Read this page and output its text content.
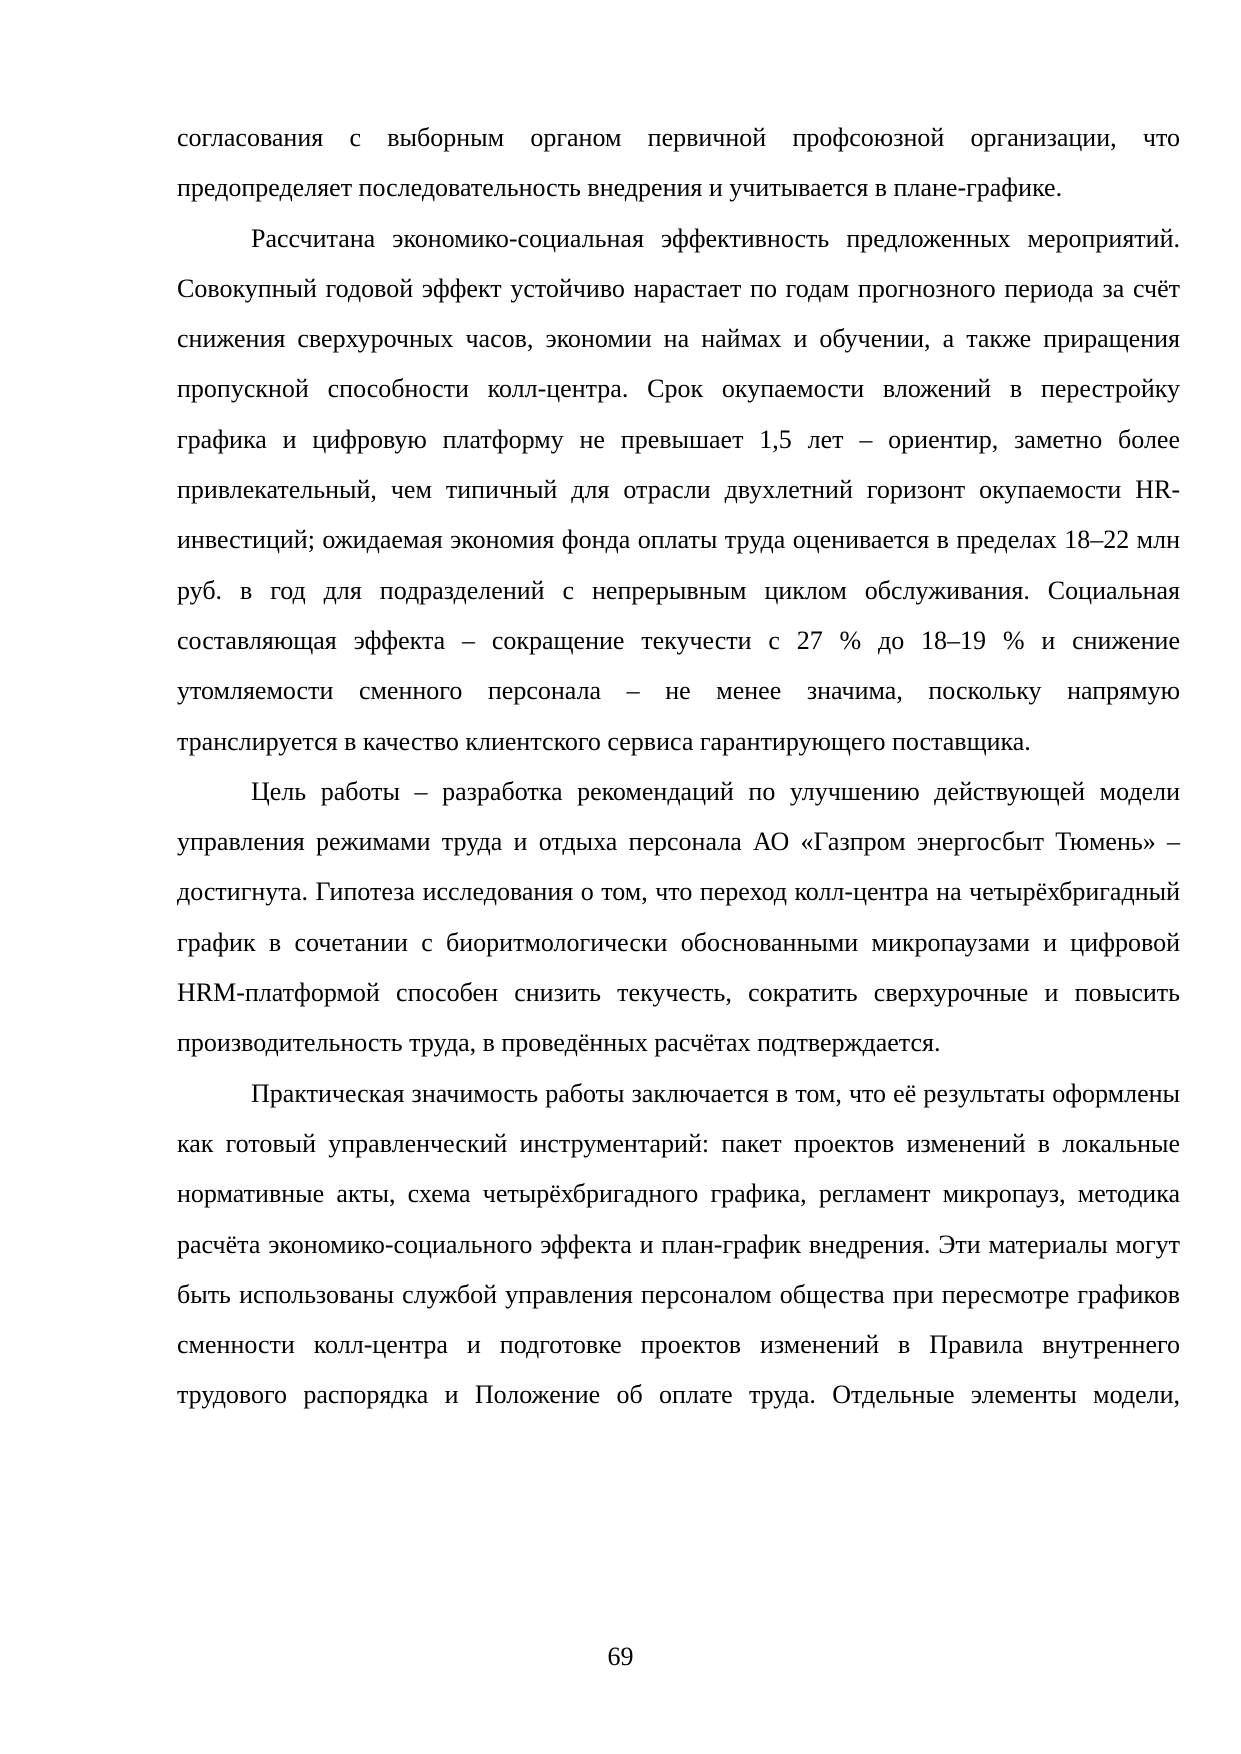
согласования с выборным органом первичной профсоюзной организации, что предопределяет последовательность внедрения и учитывается в плане-графике.

Рассчитана экономико-социальная эффективность предложенных мероприятий. Совокупный годовой эффект устойчиво нарастает по годам прогнозного периода за счёт снижения сверхурочных часов, экономии на наймах и обучении, а также приращения пропускной способности колл-центра. Срок окупаемости вложений в перестройку графика и цифровую платформу не превышает 1,5 лет – ориентир, заметно более привлекательный, чем типичный для отрасли двухлетний горизонт окупаемости HR-инвестиций; ожидаемая экономия фонда оплаты труда оценивается в пределах 18–22 млн руб. в год для подразделений с непрерывным циклом обслуживания. Социальная составляющая эффекта – сокращение текучести с 27 % до 18–19 % и снижение утомляемости сменного персонала – не менее значима, поскольку напрямую транслируется в качество клиентского сервиса гарантирующего поставщика.

Цель работы – разработка рекомендаций по улучшению действующей модели управления режимами труда и отдыха персонала АО «Газпром энергосбыт Тюмень» – достигнута. Гипотеза исследования о том, что переход колл-центра на четырёхбригадный график в сочетании с биоритмологически обоснованными микропаузами и цифровой HRM-платформой способен снизить текучесть, сократить сверхурочные и повысить производительность труда, в проведённых расчётах подтверждается.

Практическая значимость работы заключается в том, что её результаты оформлены как готовый управленческий инструментарий: пакет проектов изменений в локальные нормативные акты, схема четырёхбригадного графика, регламент микропауз, методика расчёта экономико-социального эффекта и план-график внедрения. Эти материалы могут быть использованы службой управления персоналом общества при пересмотре графиков сменности колл-центра и подготовке проектов изменений в Правила внутреннего трудового распорядка и Положение об оплате труда. Отдельные элементы модели,

69
